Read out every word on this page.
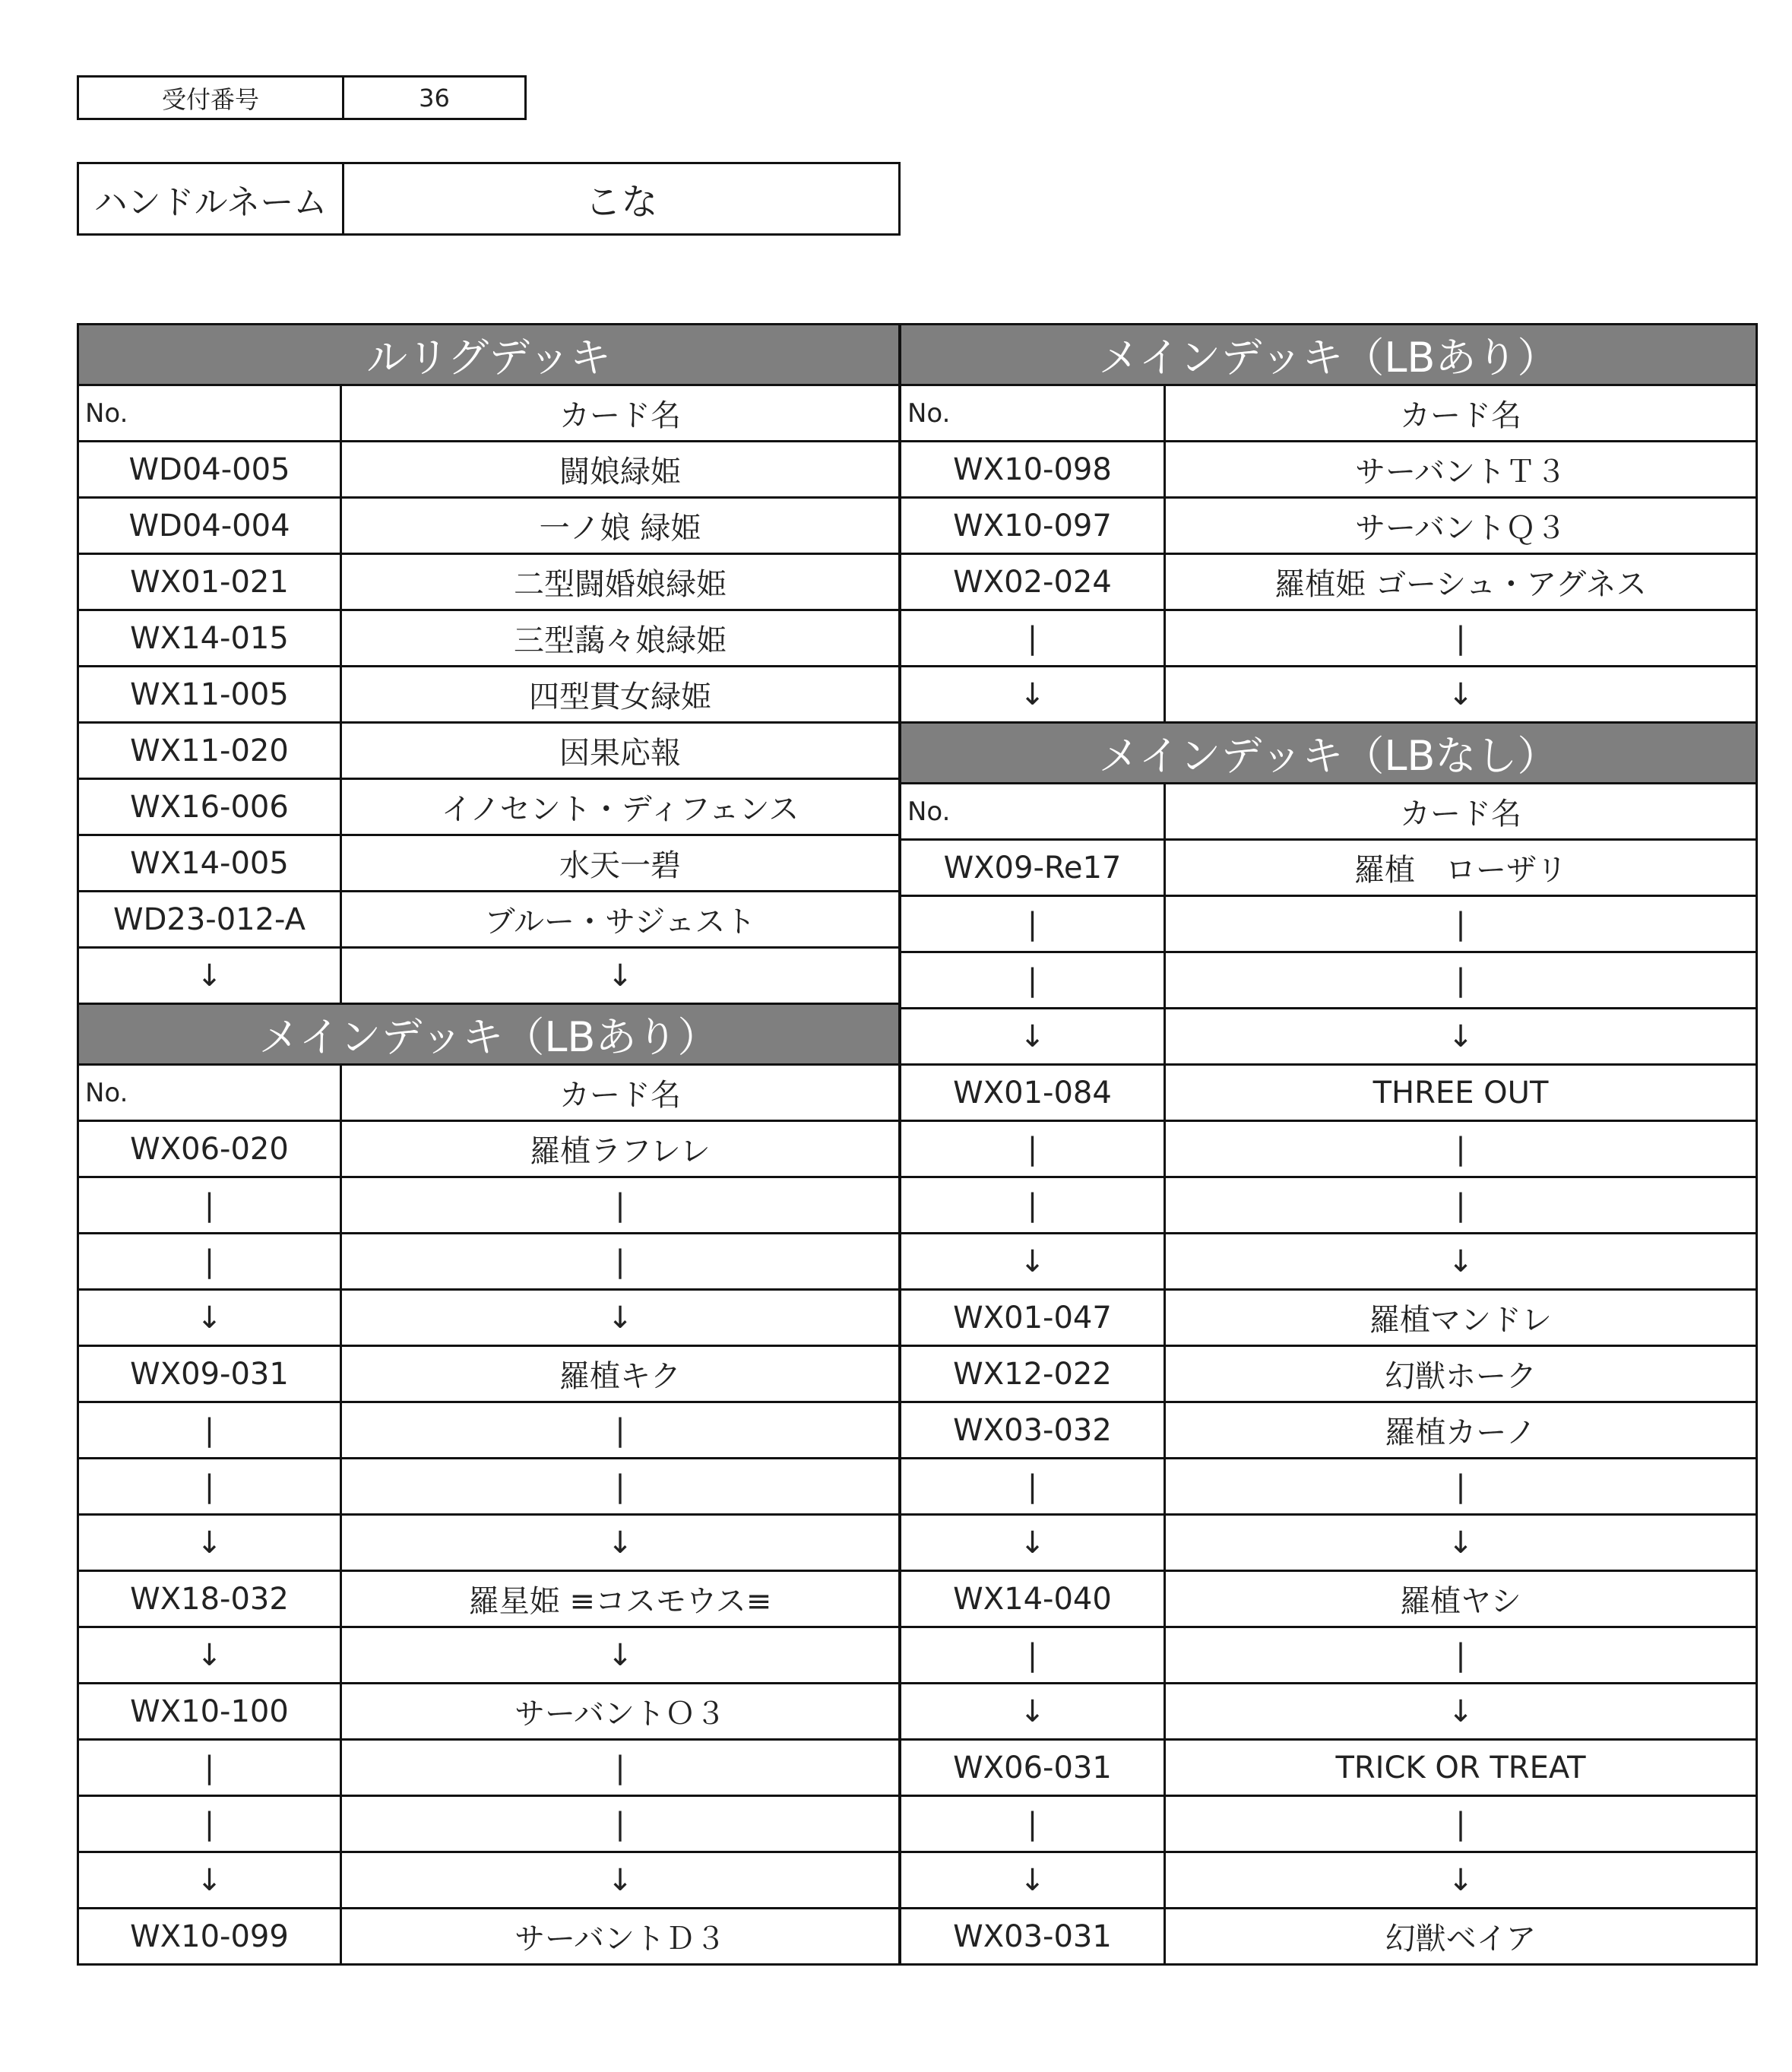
受付番号	36
ハンドルネーム	こな
ルリグデッキ	
No.	カード名
WD04-005	闘娘緑姫
WD04-004	一ノ娘 緑姫
WX01-021	二型闘婚娘緑姫
WX14-015	三型藹々娘緑姫
WX11-005	四型貫女緑姫
WX11-020	因果応報
WX16-006	イノセント・ディフェンス
WX14-005	水天一碧
WD23-012-A	ブルー・サジェスト
↓	↓
メインデッキ（LBあり）	
No.	カード名
WX06-020	羅植ラフレレ
|	|
|	|
↓	↓
WX09-031	羅植キク
|	|
|	|
↓	↓
WX18-032	羅星姫 ≡コスモウス≡
↓	↓
WX10-100	サーバントＯ３
|	|
|	|
↓	↓
WX10-099	サーバントＤ３
メインデッキ（LBあり）	
No.	カード名
WX10-098	サーバントＴ３
WX10-097	サーバントＱ３
WX02-024	羅植姫 ゴーシュ・アグネス
|	|
↓	↓
メインデッキ（LBなし）	
No.	カード名
WX09-Re17	羅植　ローザリ
|	|
|	|
↓	↓
WX01-084	THREE OUT
|	|
|	|
↓	↓
WX01-047	羅植マンドレ
WX12-022	幻獣ホーク
WX03-032	羅植カーノ
|	|
↓	↓
WX14-040	羅植ヤシ
|	|
↓	↓
WX06-031	TRICK OR TREAT
|	|
↓	↓
WX03-031	幻獣ベイア
